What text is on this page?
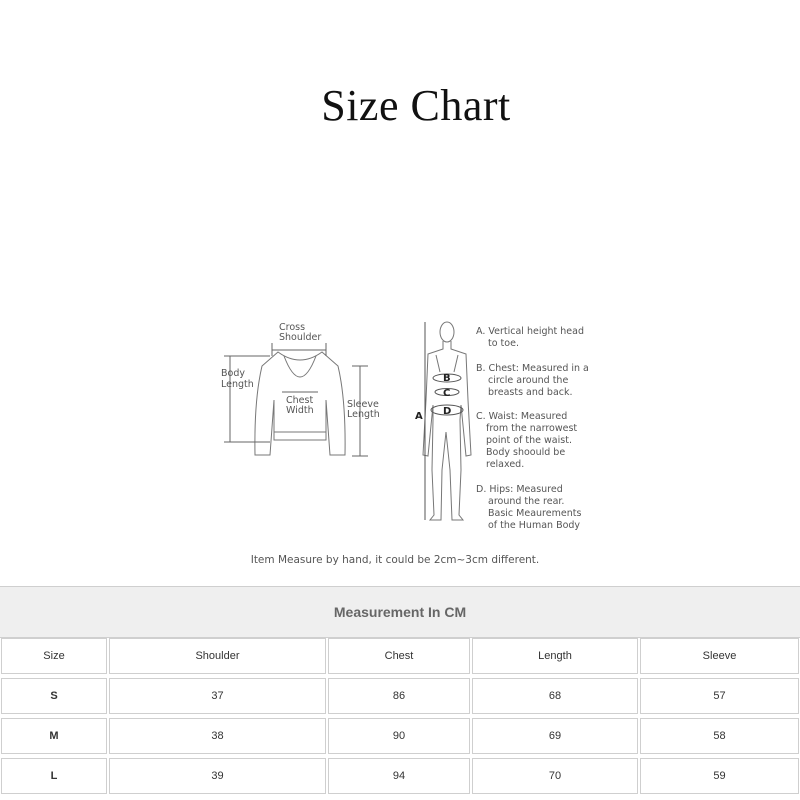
Size Chart
Cross
Shoulder
Body
Length
Sleeve
Length
Chest
Width
A
B
C
D
A. Vertical height head
to toe.
B. Chest: Measured in a
circle around the
breasts and back.
C. Waist: Measured
from the narrowest
point of the waist.
Body shoould be
relaxed.
D. Hips: Measured
around the rear.
Basic Meaurements
of the Human Body
Item Measure by hand, it could be 2cm~3cm different.
Measurement In CM
Size	Shoulder	Chest	Length	Sleeve
S	37	86	68	57
M	38	90	69	58
L	39	94	70	59
